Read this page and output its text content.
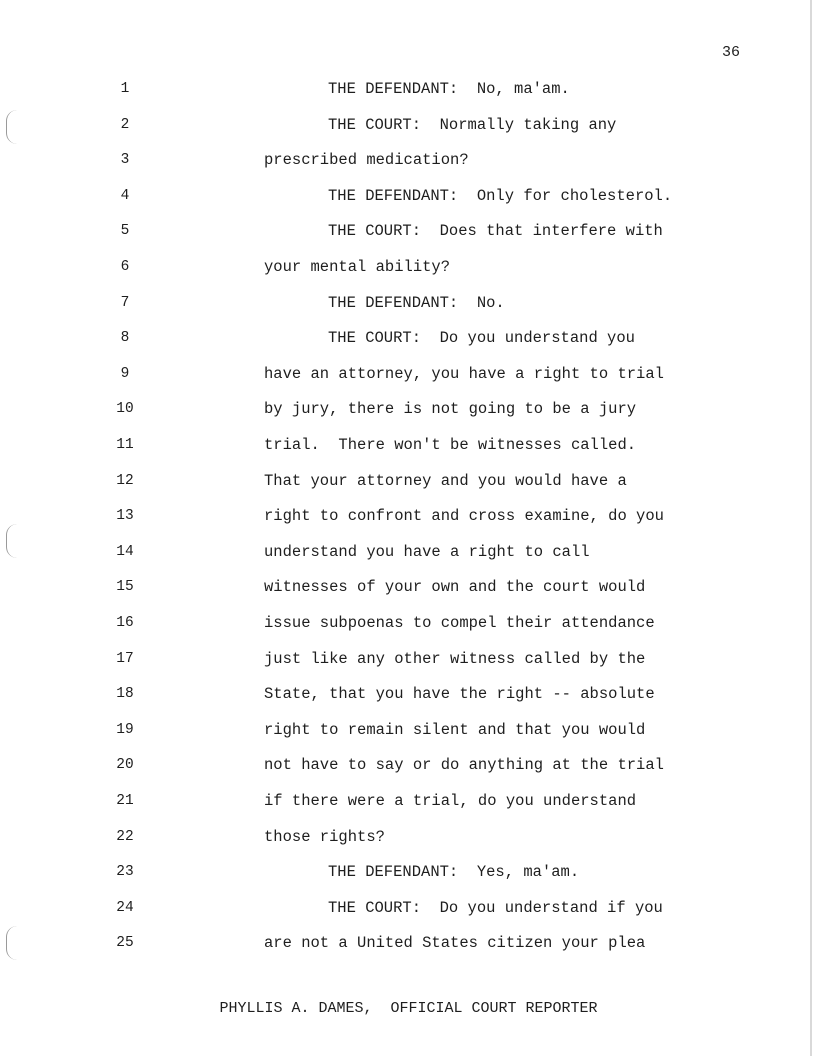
36
1	THE DEFENDANT:  No, ma'am.
2	THE COURT:  Normally taking any
3	prescribed medication?
4	THE DEFENDANT:  Only for cholesterol.
5	THE COURT:  Does that interfere with
6	your mental ability?
7	THE DEFENDANT:  No.
8	THE COURT:  Do you understand you
9	have an attorney, you have a right to trial
10	by jury, there is not going to be a jury
11	trial.  There won't be witnesses called.
12	That your attorney and you would have a
13	right to confront and cross examine, do you
14	understand you have a right to call
15	witnesses of your own and the court would
16	issue subpoenas to compel their attendance
17	just like any other witness called by the
18	State, that you have the right -- absolute
19	right to remain silent and that you would
20	not have to say or do anything at the trial
21	if there were a trial, do you understand
22	those rights?
23	THE DEFENDANT:  Yes, ma'am.
24	THE COURT:  Do you understand if you
25	are not a United States citizen your plea
PHYLLIS A. DAMES,  OFFICIAL COURT REPORTER
